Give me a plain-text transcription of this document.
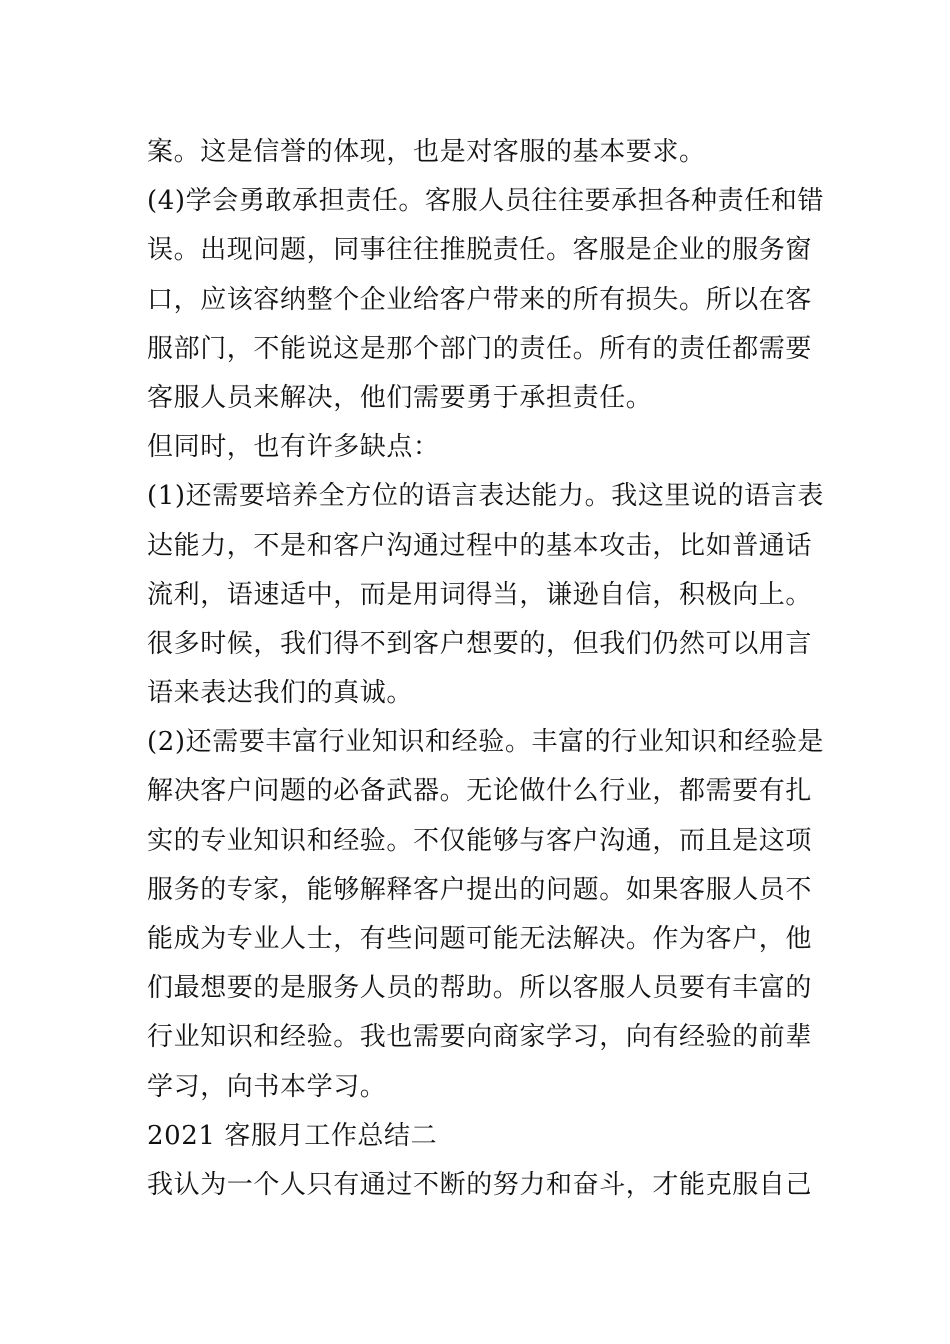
案。这是信誉的体现，也是对客服的基本要求。
(4)学会勇敢承担责任。客服人员往往要承担各种责任和错
误。出现问题，同事往往推脱责任。客服是企业的服务窗
口，应该容纳整个企业给客户带来的所有损失。所以在客
服部门，不能说这是那个部门的责任。所有的责任都需要
客服人员来解决，他们需要勇于承担责任。
但同时，也有许多缺点：
(1)还需要培养全方位的语言表达能力。我这里说的语言表
达能力，不是和客户沟通过程中的基本攻击，比如普通话
流利，语速适中，而是用词得当，谦逊自信，积极向上。
很多时候，我们得不到客户想要的，但我们仍然可以用言
语来表达我们的真诚。
(2)还需要丰富行业知识和经验。丰富的行业知识和经验是
解决客户问题的必备武器。无论做什么行业，都需要有扎
实的专业知识和经验。不仅能够与客户沟通，而且是这项
服务的专家，能够解释客户提出的问题。如果客服人员不
能成为专业人士，有些问题可能无法解决。作为客户，他
们最想要的是服务人员的帮助。所以客服人员要有丰富的
行业知识和经验。我也需要向商家学习，向有经验的前辈
学习，向书本学习。
2021 客服月工作总结二
我认为一个人只有通过不断的努力和奋斗，才能克服自己
